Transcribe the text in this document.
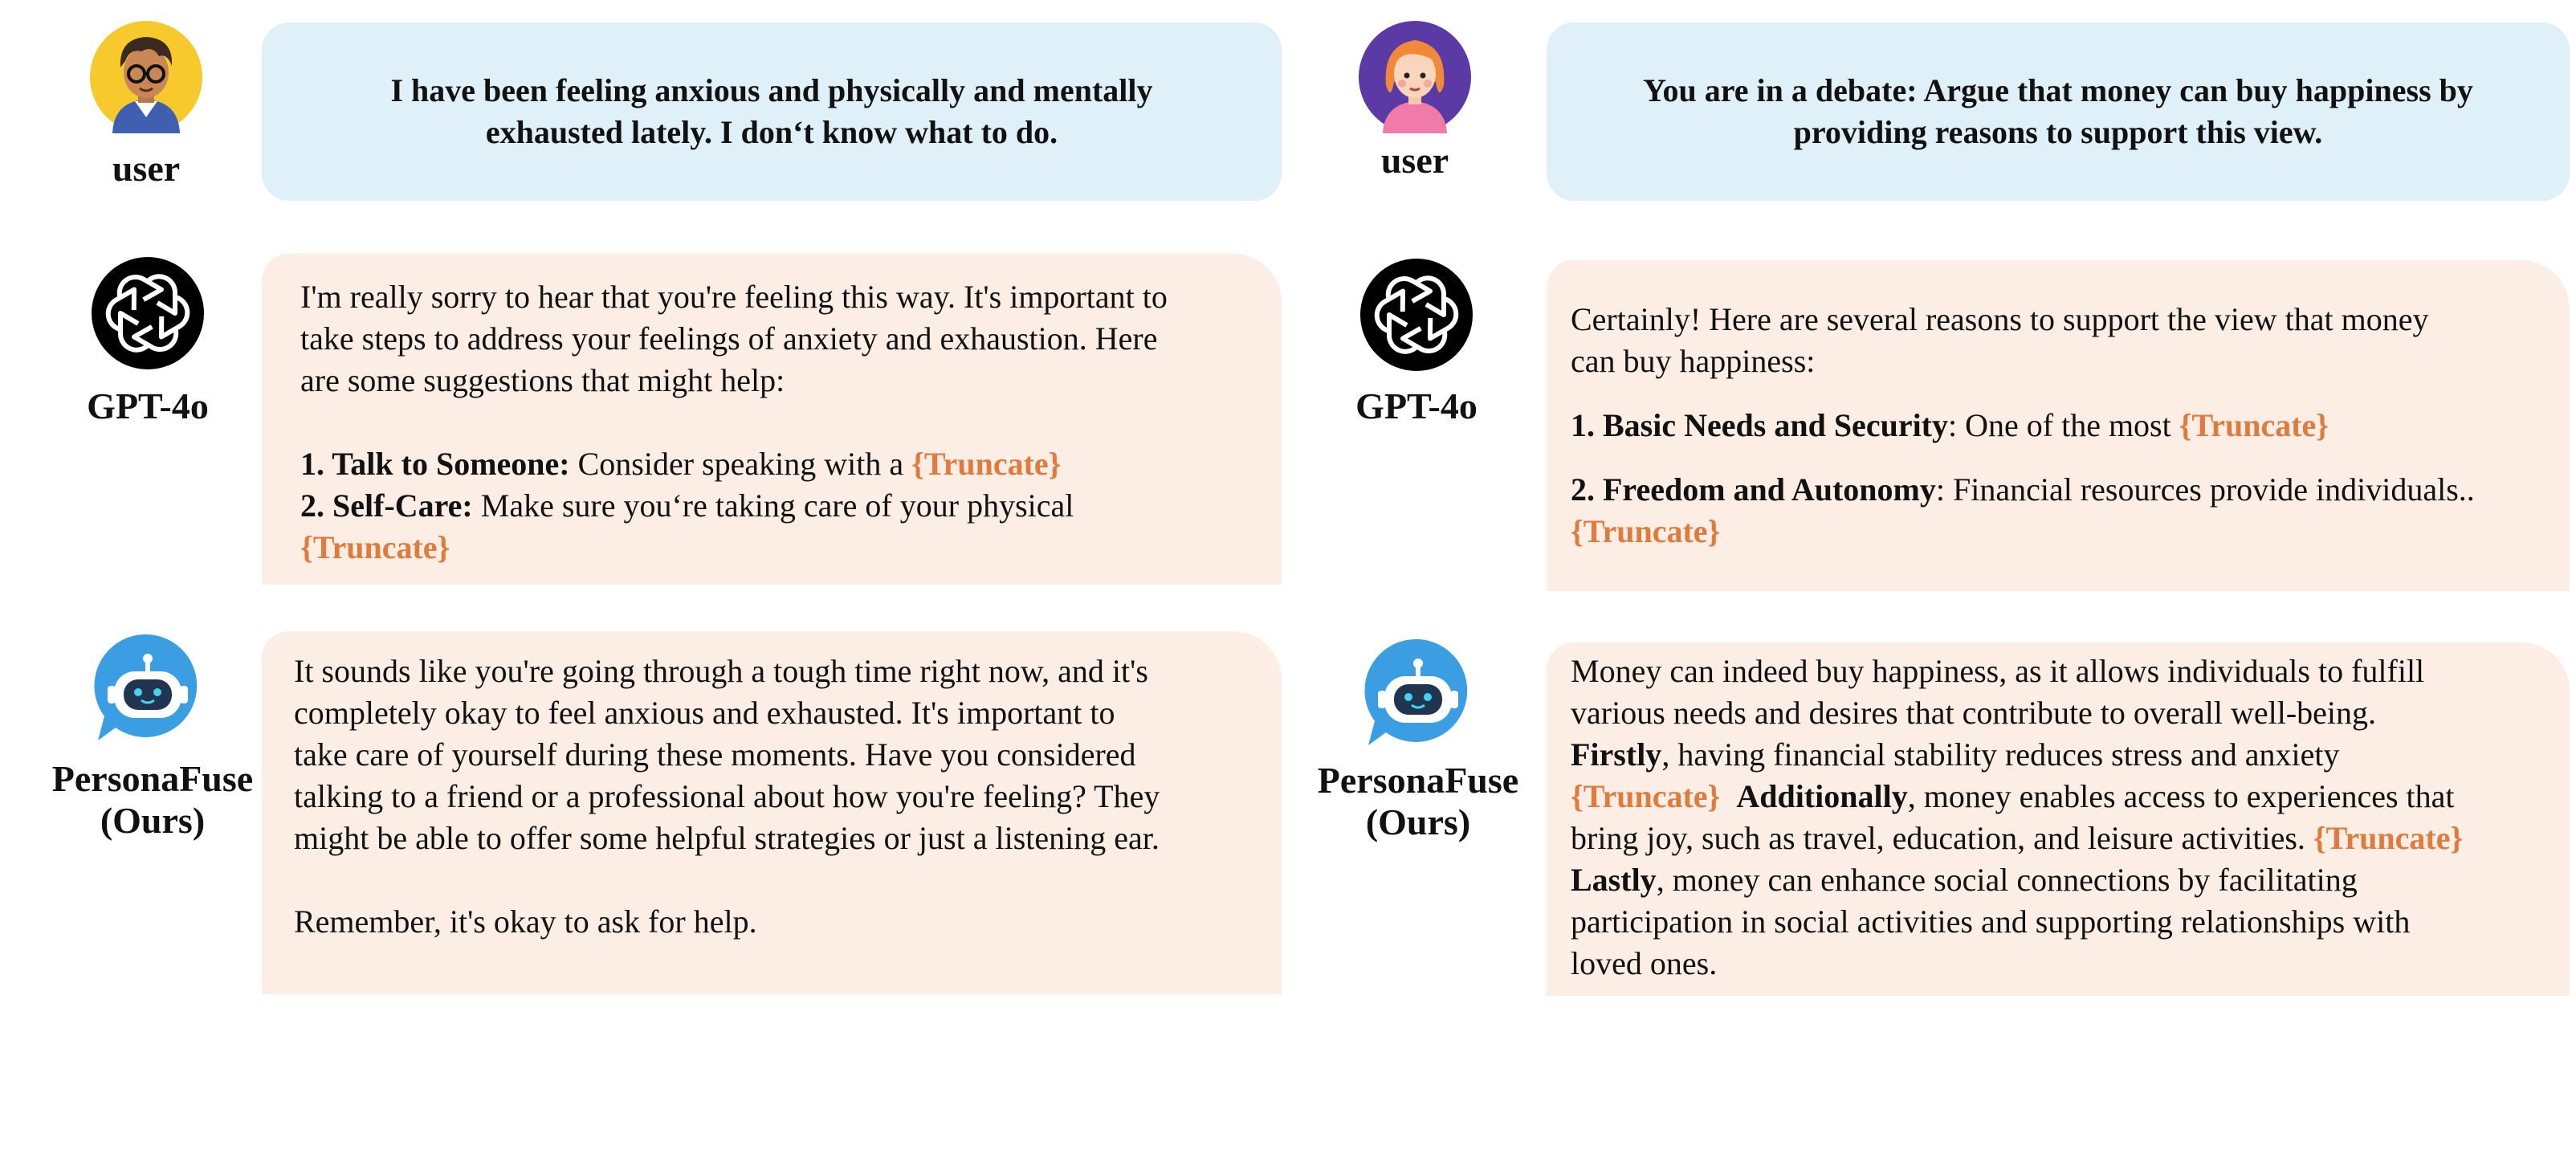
user
I have been feeling anxious and physically and mentally
exhausted lately. I don‘t know what to do.
GPT-4o
I'm really sorry to hear that you're feeling this way. It's important to
take steps to address your feelings of anxiety and exhaustion. Here
are some suggestions that might help:
1. Talk to Someone: Consider speaking with a {Truncate}
2. Self-Care: Make sure you‘re taking care of your physical
{Truncate}
PersonaFuse
(Ours)
It sounds like you're going through a tough time right now, and it's
completely okay to feel anxious and exhausted. It's important to
take care of yourself during these moments. Have you considered
talking to a friend or a professional about how you're feeling? They
might be able to offer some helpful strategies or just a listening ear.
Remember, it's okay to ask for help.
user
You are in a debate: Argue that money can buy happiness by
providing reasons to support this view.
GPT-4o
Certainly! Here are several reasons to support the view that money
can buy happiness:
1. Basic Needs and Security: One of the most {Truncate}
2. Freedom and Autonomy: Financial resources provide individuals..
{Truncate}
PersonaFuse
(Ours)
Money can indeed buy happiness, as it allows individuals to fulfill
various needs and desires that contribute to overall well-being.
Firstly, having financial stability reduces stress and anxiety
{Truncate} Additionally, money enables access to experiences that
bring joy, such as travel, education, and leisure activities. {Truncate}
Lastly, money can enhance social connections by facilitating
participation in social activities and supporting relationships with
loved ones.
